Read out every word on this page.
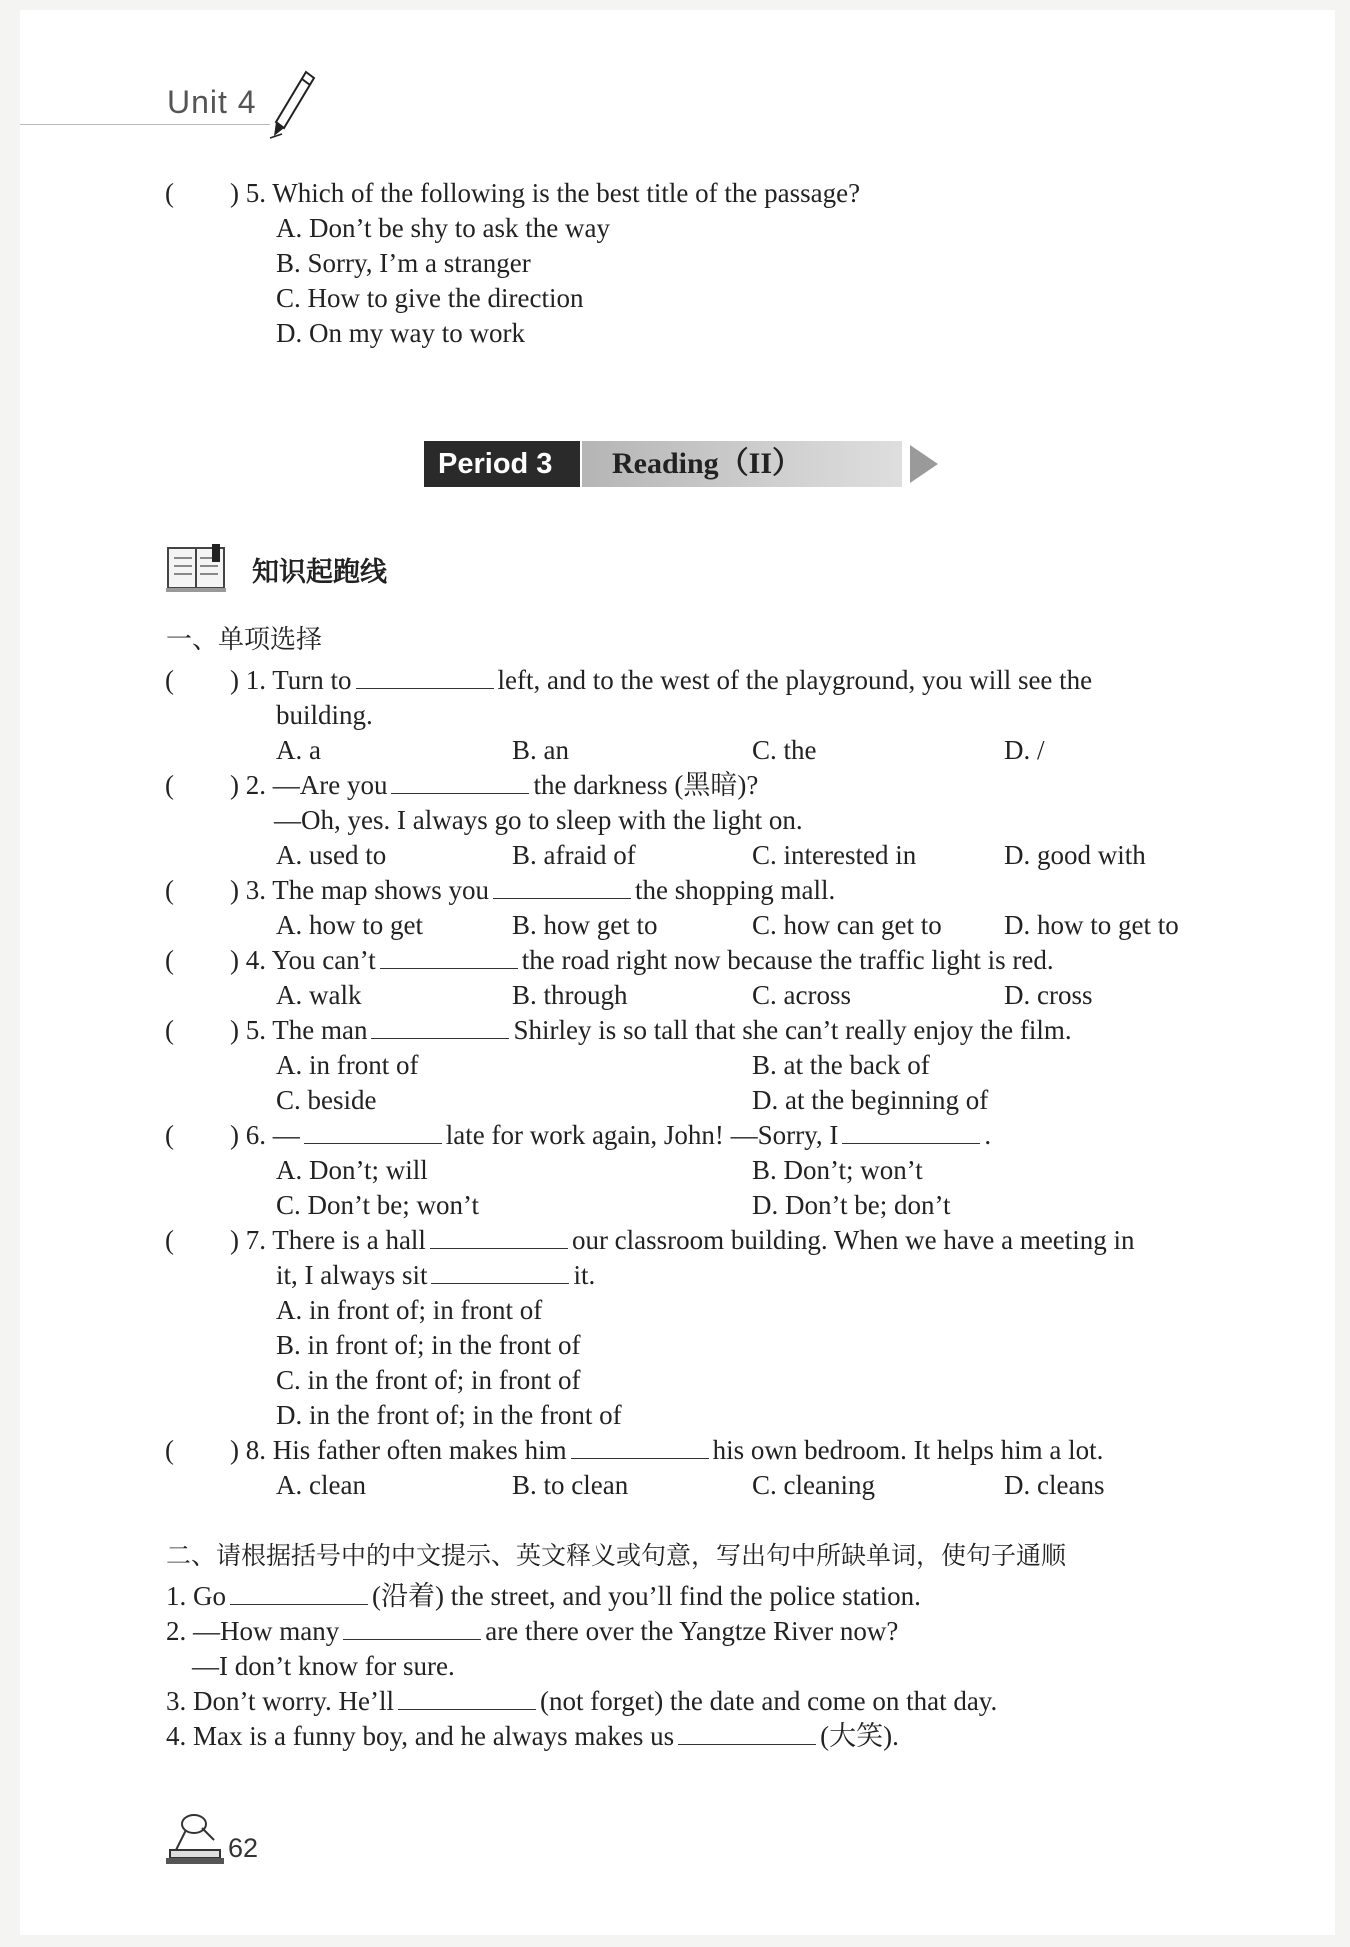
Unit 4
( ) 5. Which of the following is the best title of the passage?
A. Don’t be shy to ask the way
B. Sorry, I’m a stranger
C. How to give the direction
D. On my way to work
Period 3	Reading（II）
知识起跑线
一、单项选择
( ) 1. Turn to	left, and to the west of the playground, you will see the
building.
A. a	B. an	C. the	D. /
( ) 2. —Are you	the darkness (黑暗)?
—Oh, yes. I always go to sleep with the light on.
A. used to	B. afraid of	C. interested in	D. good with
( ) 3. The map shows you	the shopping mall.
A. how to get	B. how get to	C. how can get to D. how to get to
( ) 4. You can’t	the road right now because the traffic light is red.
A. walk	B. through	C. across	D. cross
( ) 5. The man	Shirley is so tall that she can’t really enjoy the film.
A. in front of	B. at the back of
C. beside	D. at the beginning of
( ) 6. —	late for work again, John! —Sorry, I	.
A. Don’t; will	B. Don’t; won’t
C. Don’t be; won’t	D. Don’t be; don’t
( ) 7. There is a hall	our classroom building. When we have a meeting in
it, I always sit	it.
A. in front of; in front of
B. in front of; in the front of
C. in the front of; in front of
D. in the front of; in the front of
( ) 8. His father often makes him	his own bedroom. It helps him a lot.
A. clean	B. to clean	C. cleaning	D. cleans
二、请根据括号中的中文提示、英文释义或句意，写出句中所缺单词，使句子通顺
1. Go	(沿着) the street, and you’ll find the police station.
2. —How many	are there over the Yangtze River now?
—I don’t know for sure.
3. Don’t worry. He’ll	(not forget) the date and come on that day.
4. Max is a funny boy, and he always makes us	(大笑).
62
